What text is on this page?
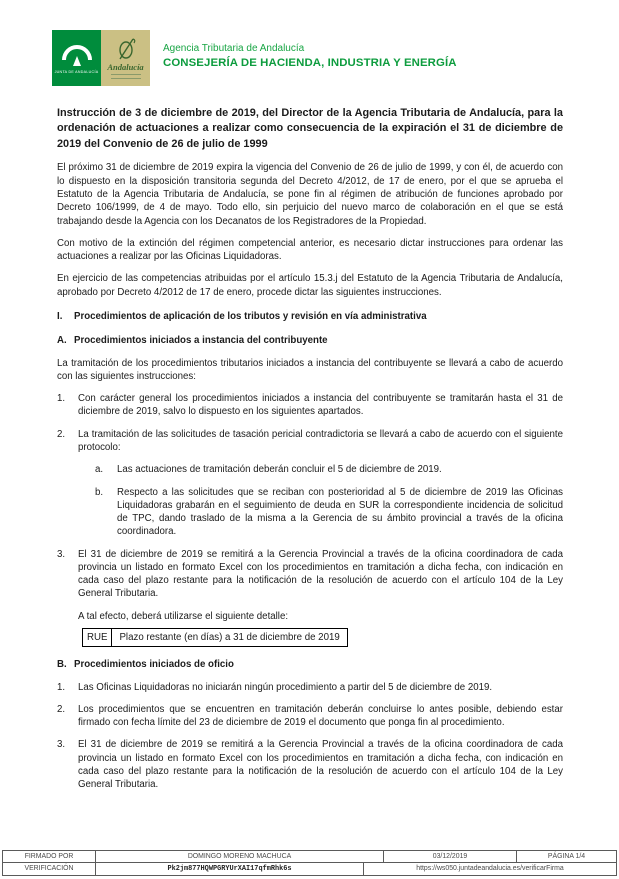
JUNTA DE ANDALUCÍA Andalucía
Agencia Tributaria de Andalucía
CONSEJERÍA DE HACIENDA, INDUSTRIA Y ENERGÍA

Instrucción de 3 de diciembre de 2019, del Director de la Agencia Tributaria de Andalucía, para la ordenación de actuaciones a realizar como consecuencia de la expiración el 31 de diciembre de 2019 del Convenio de 26 de julio de 1999

El próximo 31 de diciembre de 2019 expira la vigencia del Convenio de 26 de julio de 1999, y con él, de acuerdo con lo dispuesto en la disposición transitoria segunda del Decreto 4/2012, de 17 de enero, por el que se aprueba el Estatuto de la Agencia Tributaria de Andalucía, se pone fin al régimen de atribución de funciones aprobado por Decreto 106/1999, de 4 de mayo. Todo ello, sin perjuicio del nuevo marco de colaboración en el que se está trabajando desde la Agencia con los Decanatos de los Registradores de la Propiedad.

Con motivo de la extinción del régimen competencial anterior, es necesario dictar instrucciones para ordenar las actuaciones a realizar por las Oficinas Liquidadoras.

En ejercicio de las competencias atribuidas por el artículo 15.3.j del Estatuto de la Agencia Tributaria de Andalucía, aprobado por Decreto 4/2012 de 17 de enero, procede dictar las siguientes instrucciones.

I.	Procedimientos de aplicación de los tributos y revisión en vía administrativa
A. Procedimientos iniciados a instancia del contribuyente

La tramitación de los procedimientos tributarios iniciados a instancia del contribuyente se llevará a cabo de acuerdo con las siguientes instrucciones:

1.	Con carácter general los procedimientos iniciados a instancia del contribuyente se tramitarán hasta el 31 de diciembre de 2019, salvo lo dispuesto en los siguientes apartados.
2.	La tramitación de las solicitudes de tasación pericial contradictoria se llevará a cabo de acuerdo con el siguiente protocolo:
a.	Las actuaciones de tramitación deberán concluir el 5 de diciembre de 2019.
b.	Respecto a las solicitudes que se reciban con posterioridad al 5 de diciembre de 2019 las Oficinas Liquidadoras grabarán en el seguimiento de deuda en SUR la correspondiente incidencia de solicitud de TPC, dando traslado de la misma a la Gerencia de su ámbito provincial a través de la oficina coordinadora.
3.	El 31 de diciembre de 2019 se remitirá a la Gerencia Provincial a través de la oficina coordinadora de cada provincia un listado en formato Excel con los procedimientos en tramitación a dicha fecha, con indicación en cada caso del plazo restante para la notificación de la resolución de acuerdo con el artículo 104 de la Ley General Tributaria.

A tal efecto, deberá utilizarse el siguiente detalle:

RUE	Plazo restante (en días) a 31 de diciembre de 2019
B. Procedimientos iniciados de oficio
1.	Las Oficinas Liquidadoras no iniciarán ningún procedimiento a partir del 5 de diciembre de 2019.
2.	Los procedimientos que se encuentren en tramitación deberán concluirse lo antes posible, debiendo estar firmado con fecha límite del 23 de diciembre de 2019 el documento que ponga fin al procedimiento.
3.	El 31 de diciembre de 2019 se remitirá a la Gerencia Provincial a través de la oficina coordinadora de cada provincia un listado en formato Excel con los procedimientos en tramitación a dicha fecha, con indicación en cada caso del plazo restante para la notificación de la resolución de acuerdo con el artículo 104 de la Ley General Tributaria.
FIRMADO POR	DOMINGO MORENO MACHUCA	03/12/2019	PÁGINA 1/4
VERIFICACIÓN	Pk2jm877HQWPGRYUrXAI17qfmRhk6s	https://ws050.juntadeandalucia.es/verificarFirma
